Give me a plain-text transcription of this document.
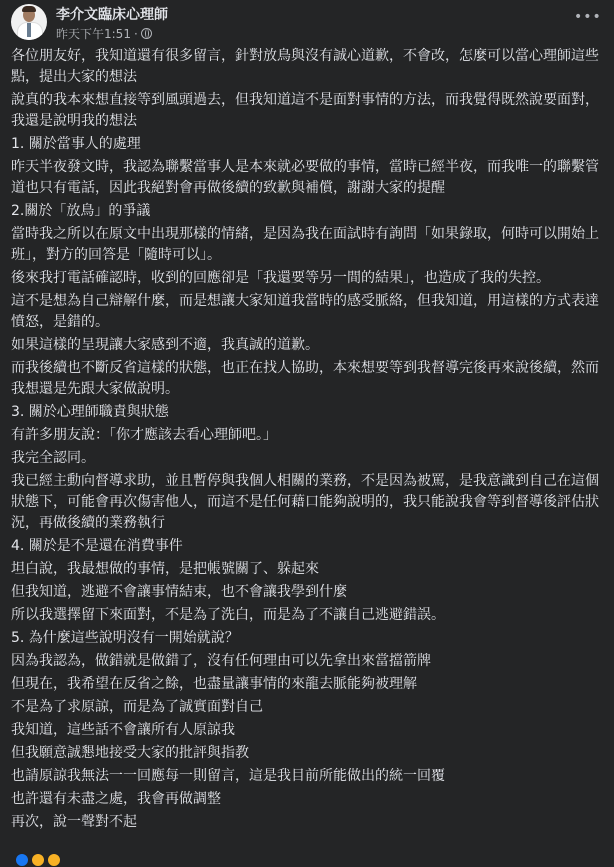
李介文臨床心理師
昨天下午1:51 ·
•••

各位朋友好，我知道還有很多留言，針對放鳥與沒有誠心道歉，不會改，怎麼可以當心理師這些點，提出大家的想法

說真的我本來想直接等到風頭過去，但我知道這不是面對事情的方法，而我覺得既然說要面對，我還是說明我的想法

1. 關於當事人的處理

昨天半夜發文時，我認為聯繫當事人是本來就必要做的事情，當時已經半夜，而我唯一的聯繫管道也只有電話，因此我絕對會再做後續的致歉與補償，謝謝大家的提醒

2.關於「放鳥」的爭議

當時我之所以在原文中出現那樣的情緒，是因為我在面試時有詢問「如果錄取，何時可以開始上班」，對方的回答是「隨時可以」。

後來我打電話確認時，收到的回應卻是「我還要等另一間的結果」，也造成了我的失控。

這不是想為自己辯解什麼，而是想讓大家知道我當時的感受脈絡，但我知道，用這樣的方式表達憤怒，是錯的。

如果這樣的呈現讓大家感到不適，我真誠的道歉。

而我後續也不斷反省這樣的狀態，也正在找人協助，本來想要等到我督導完後再來說後續，然而我想還是先跟大家做說明。

3. 關於心理師職責與狀態

有許多朋友說：「你才應該去看心理師吧。」

我完全認同。

我已經主動向督導求助，並且暫停與我個人相關的業務，不是因為被罵，是我意識到自己在這個狀態下，可能會再次傷害他人，而這不是任何藉口能夠說明的，我只能說我會等到督導後評估狀況，再做後續的業務執行

4. 關於是不是還在消費事件

坦白說，我最想做的事情，是把帳號關了、躲起來

但我知道，逃避不會讓事情結束，也不會讓我學到什麼

所以我選擇留下來面對，不是為了洗白，而是為了不讓自己逃避錯誤。

5. 為什麼這些說明沒有一開始就說？

因為我認為，做錯就是做錯了，沒有任何理由可以先拿出來當擋箭牌

但現在，我希望在反省之餘，也盡量讓事情的來龍去脈能夠被理解

不是為了求原諒，而是為了誠實面對自己

我知道，這些話不會讓所有人原諒我

但我願意誠懇地接受大家的批評與指教

也請原諒我無法一一回應每一則留言，這是我目前所能做出的統一回覆

也許還有未盡之處，我會再做調整

再次，說一聲對不起
